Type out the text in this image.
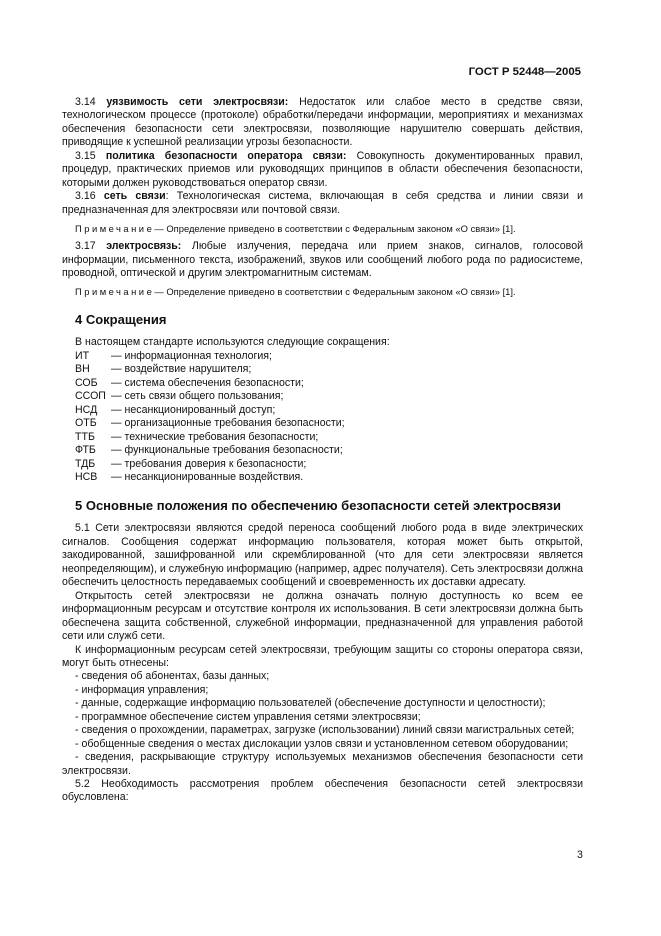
ГОСТ Р 52448—2005

3.14 уязвимость сети электросвязи: Недостаток или слабое место в средстве связи, технологическом процессе (протоколе) обработки/передачи информации, мероприятиях и механизмах обеспечения безопасности сети электросвязи, позволяющие нарушителю совершать действия, приводящие к успешной реализации угрозы безопасности.

3.15 политика безопасности оператора связи: Совокупность документированных правил, процедур, практических приемов или руководящих принципов в области обеспечения безопасности, которыми должен руководствоваться оператор связи.

3.16 сеть связи: Технологическая система, включающая в себя средства и линии связи и предназначенная для электросвязи или почтовой связи.

Примечание — Определение приведено в соответствии с Федеральным законом «О связи» [1].

3.17 электросвязь: Любые излучения, передача или прием знаков, сигналов, голосовой информации, письменного текста, изображений, звуков или сообщений любого рода по радиосистеме, проводной, оптической и другим электромагнитным системам.

Примечание — Определение приведено в соответствии с Федеральным законом «О связи» [1].

4 Сокращения

В настоящем стандарте используются следующие сокращения:

ИТ	— информационная технология;
ВН	— воздействие нарушителя;
СОБ	— система обеспечения безопасности;
ССОП — сеть связи общего пользования;
НСД	— несанкционированный доступ;
ОТБ	— организационные требования безопасности;
ТТБ	— технические требования безопасности;
ФТБ	— функциональные требования безопасности;
ТДБ	— требования доверия к безопасности;
НСВ	— несанкционированные воздействия.
5 Основные положения по обеспечению безопасности сетей электросвязи

5.1 Сети электросвязи являются средой переноса сообщений любого рода в виде электрических сигналов. Сообщения содержат информацию пользователя, которая может быть открытой, закодированной, зашифрованной или скремблированной (что для сети электросвязи является неопределяющим), и служебную информацию (например, адрес получателя). Сеть электросвязи должна обеспечить целостность передаваемых сообщений и своевременность их доставки адресату.

Открытость сетей электросвязи не должна означать полную доступность ко всем ее информационным ресурсам и отсутствие контроля их использования. В сети электросвязи должна быть обеспечена защита собственной, служебной информации, предназначенной для управления работой сети или служб сети.

К информационным ресурсам сетей электросвязи, требующим защиты со стороны оператора связи, могут быть отнесены:

- сведения об абонентах, базы данных;

- информация управления;

- данные, содержащие информацию пользователей (обеспечение доступности и целостности);

- программное обеспечение систем управления сетями электросвязи;

- сведения о прохождении, параметрах, загрузке (использовании) линий связи магистральных сетей;

- обобщенные сведения о местах дислокации узлов связи и установленном сетевом оборудовании;

- сведения, раскрывающие структуру используемых механизмов обеспечения безопасности сети электросвязи.

5.2 Необходимость рассмотрения проблем обеспечения безопасности сетей электросвязи обусловлена:

3
